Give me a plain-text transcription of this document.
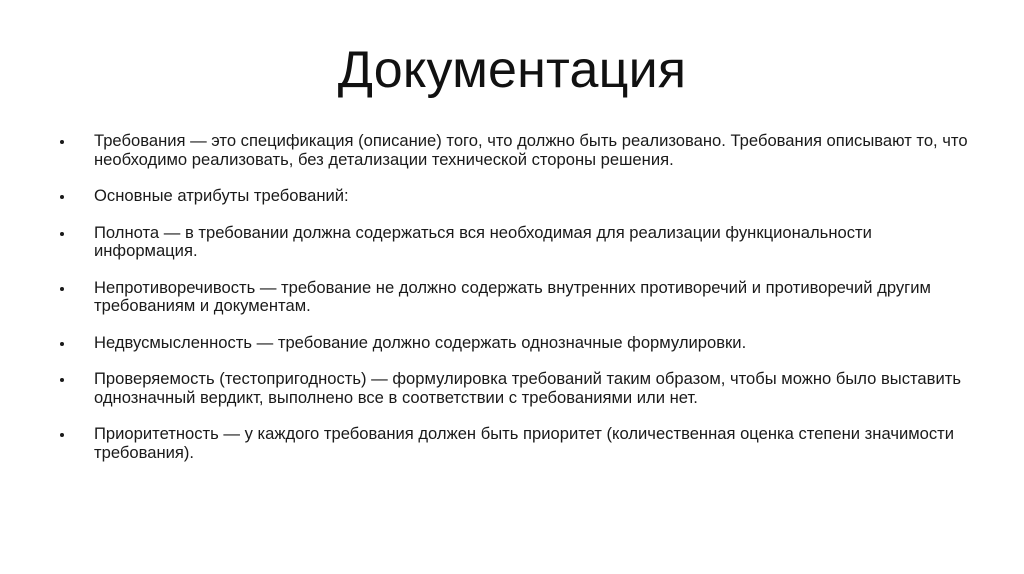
Документация
Требования — это спецификация (описание) того, что должно быть реализовано. Требования описывают то, что необходимо реализовать, без детализации технической стороны решения.
Основные атрибуты требований:
Полнота — в требовании должна содержаться вся необходимая для реализации функциональности информация.
Непротиворечивость — требование не должно содержать внутренних противоречий и противоречий другим требованиям и документам.
Недвусмысленность — требование должно содержать однозначные формулировки.
Проверяемость (тестопригодность) — формулировка требований таким образом, чтобы можно было выставить однозначный вердикт, выполнено все в соответствии с требованиями или нет.
Приоритетность — у каждого требования должен быть приоритет (количественная оценка степени значимости требования).
